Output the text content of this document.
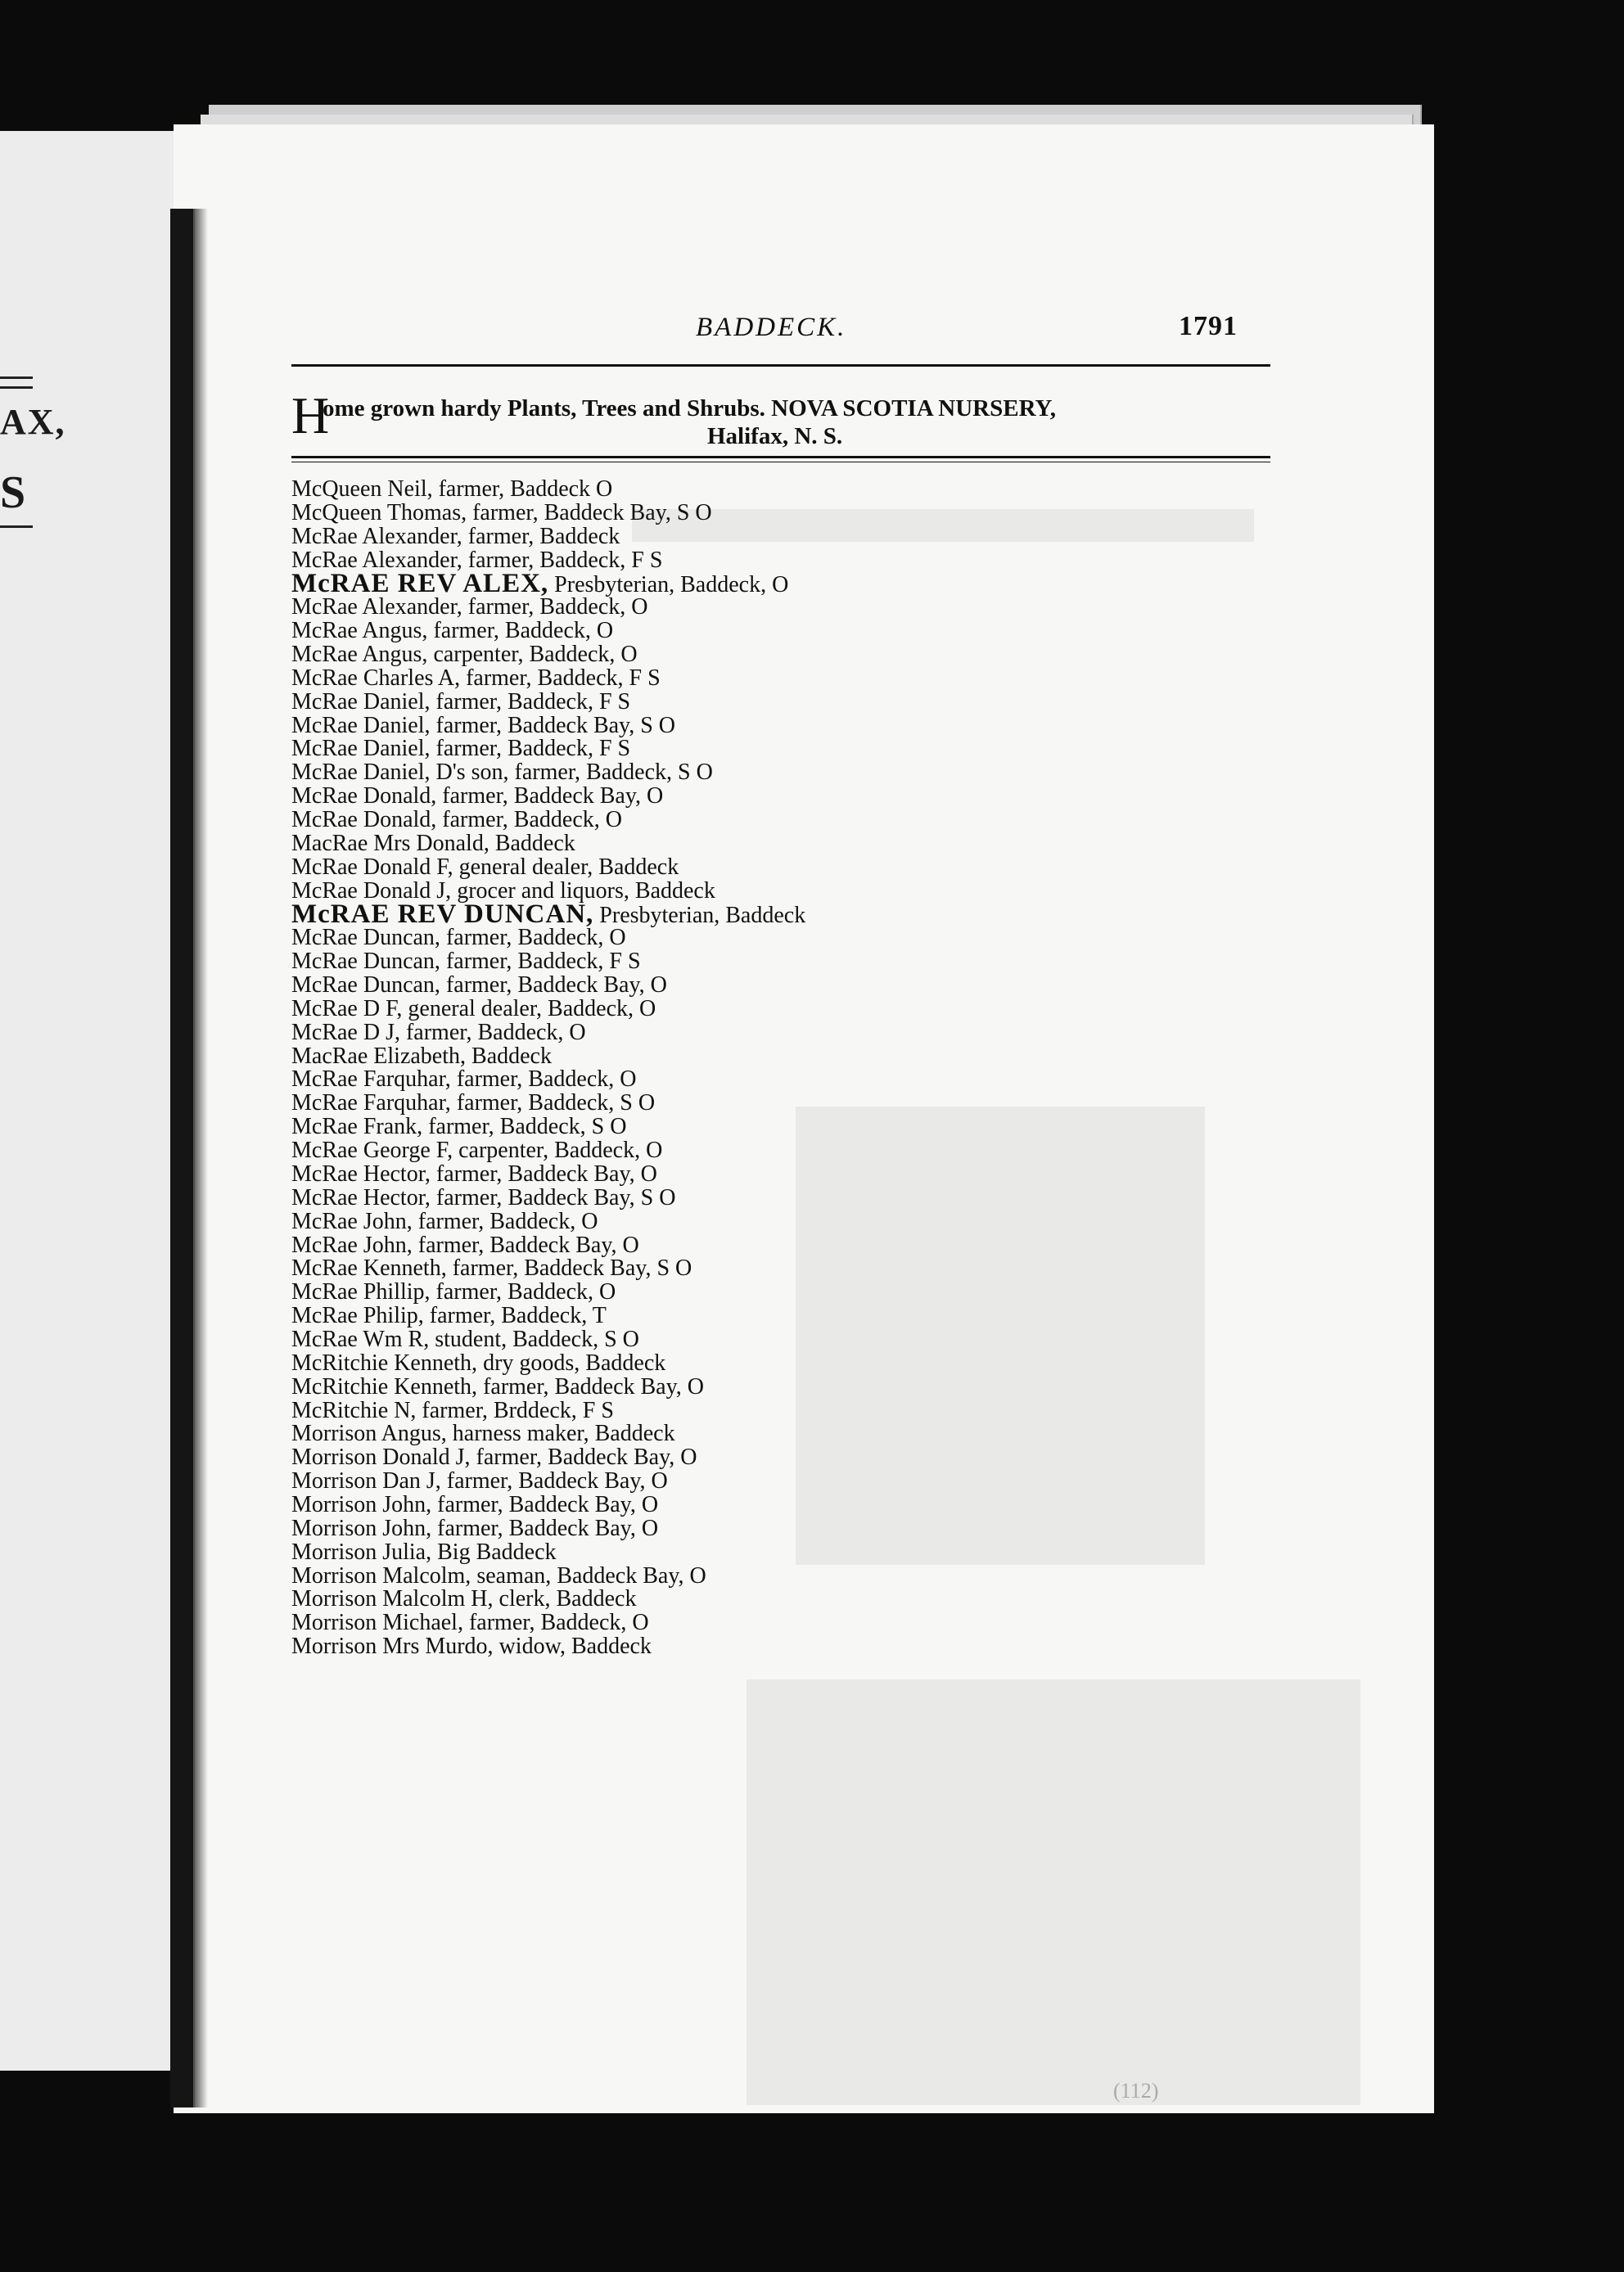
AX,
S
BADDECK.	1791
H
ome grown hardy Plants, Trees and Shrubs. NOVA SCOTIA NURSERY,
Halifax, N. S.
McQueen Neil, farmer, Baddeck O
McQueen Thomas, farmer, Baddeck Bay, S O
McRae Alexander, farmer, Baddeck
McRae Alexander, farmer, Baddeck, F S
McRAE REV ALEX, Presbyterian, Baddeck, O
McRae Alexander, farmer, Baddeck, O
McRae Angus, farmer, Baddeck, O
McRae Angus, carpenter, Baddeck, O
McRae Charles A, farmer, Baddeck, F S
McRae Daniel, farmer, Baddeck, F S
McRae Daniel, farmer, Baddeck Bay, S O
McRae Daniel, farmer, Baddeck, F S
McRae Daniel, D's son, farmer, Baddeck, S O
McRae Donald, farmer, Baddeck Bay, O
McRae Donald, farmer, Baddeck, O
MacRae Mrs Donald, Baddeck
McRae Donald F, general dealer, Baddeck
McRae Donald J, grocer and liquors, Baddeck
McRAE REV DUNCAN, Presbyterian, Baddeck
McRae Duncan, farmer, Baddeck, O
McRae Duncan, farmer, Baddeck, F S
McRae Duncan, farmer, Baddeck Bay, O
McRae D F, general dealer, Baddeck, O
McRae D J, farmer, Baddeck, O
MacRae Elizabeth, Baddeck
McRae Farquhar, farmer, Baddeck, O
McRae Farquhar, farmer, Baddeck, S O
McRae Frank, farmer, Baddeck, S O
McRae George F, carpenter, Baddeck, O
McRae Hector, farmer, Baddeck Bay, O
McRae Hector, farmer, Baddeck Bay, S O
McRae John, farmer, Baddeck, O
McRae John, farmer, Baddeck Bay, O
McRae Kenneth, farmer, Baddeck Bay, S O
McRae Phillip, farmer, Baddeck, O
McRae Philip, farmer, Baddeck, T
McRae Wm R, student, Baddeck, S O
McRitchie Kenneth, dry goods, Baddeck
McRitchie Kenneth, farmer, Baddeck Bay, O
McRitchie N, farmer, Brddeck, F S
Morrison Angus, harness maker, Baddeck
Morrison Donald J, farmer, Baddeck Bay, O
Morrison Dan J, farmer, Baddeck Bay, O
Morrison John, farmer, Baddeck Bay, O
Morrison John, farmer, Baddeck Bay, O
Morrison Julia, Big Baddeck
Morrison Malcolm, seaman, Baddeck Bay, O
Morrison Malcolm H, clerk, Baddeck
Morrison Michael, farmer, Baddeck, O
Morrison Mrs Murdo, widow, Baddeck
(112)
